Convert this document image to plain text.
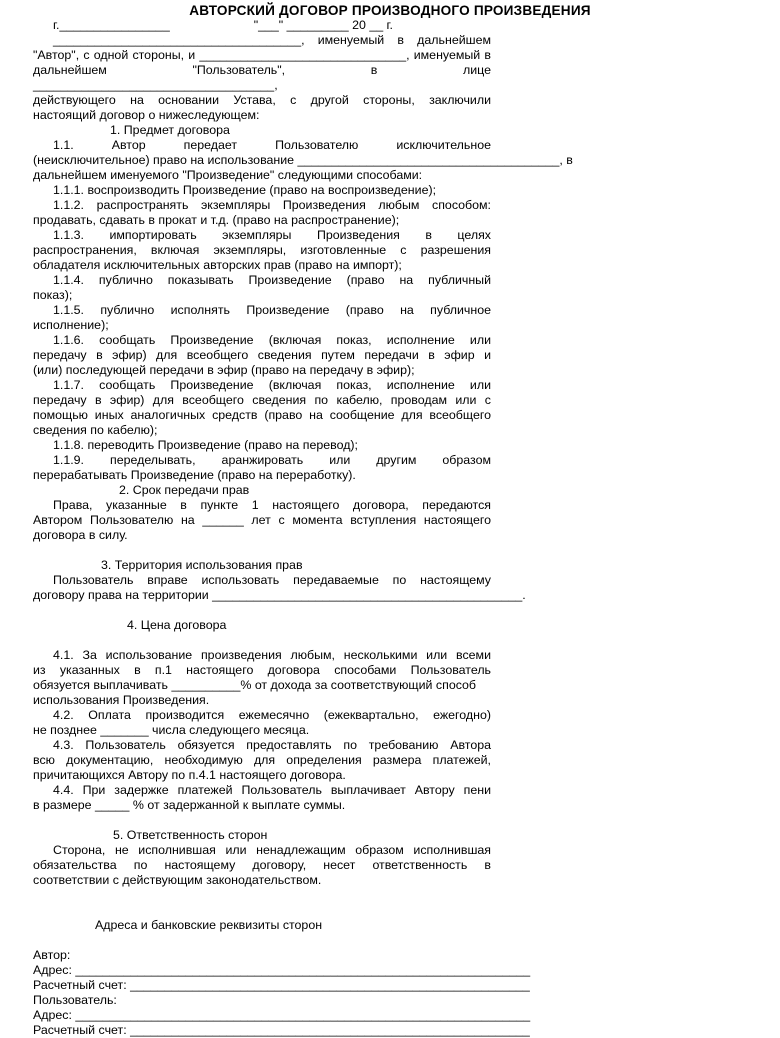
АВТОРСКИЙ ДОГОВОР ПРОИЗВОДНОГО ПРОИЗВЕДЕНИЯ
г.________________	"___" _________ 20 __ г.
____________________________________, именуемый в дальнейшем
"Автор", с одной стороны, и ______________________________, именуемый в
дальнейшем "Пользователь", в лице ___________________________________,
действующего на основании Устава, с другой стороны, заключили
настоящий договор о нижеследующем:
1. Предмет договора
1.1. Автор передает Пользователю исключительное
(неисключительное) право на использование ______________________________________, в
дальнейшем именуемого "Произведение" следующими способами:
1.1.1. воспроизводить Произведение (право на воспроизведение);
1.1.2. распространять экземпляры Произведения любым способом:
продавать, сдавать в прокат и т.д. (право на распространение);
1.1.3. импортировать экземпляры Произведения в целях
распространения, включая экземпляры, изготовленные с разрешения
обладателя исключительных авторских прав (право на импорт);
1.1.4. публично показывать Произведение (право на публичный
показ);
1.1.5. публично исполнять Произведение (право на публичное
исполнение);
1.1.6. сообщать Произведение (включая показ, исполнение или
передачу в эфир) для всеобщего сведения путем передачи в эфир и
(или) последующей передачи в эфир (право на передачу в эфир);
1.1.7. сообщать Произведение (включая показ, исполнение или
передачу в эфир) для всеобщего сведения по кабелю, проводам или с
помощью иных аналогичных средств (право на сообщение для всеобщего
сведения по кабелю);
1.1.8. переводить Произведение (право на перевод);
1.1.9. переделывать, аранжировать или другим образом
перерабатывать Произведение (право на переработку).
2. Срок передачи прав
Права, указанные в пункте 1 настоящего договора, передаются
Автором Пользователю на ______ лет с момента вступления настоящего
договора в силу.
3. Территория использования прав
Пользователь вправе использовать передаваемые по настоящему
договору права на территории _____________________________________________.
4. Цена договора
4.1. За использование произведения любым, несколькими или всеми
из указанных в п.1 настоящего договора способами Пользователь
обязуется выплачивать __________% от дохода за соответствующий способ
использования Произведения.
4.2. Оплата производится ежемесячно (ежеквартально, ежегодно)
не позднее _______ числа следующего месяца.
4.3. Пользователь обязуется предоставлять по требованию Автора
всю документацию, необходимую для определения размера платежей,
причитающихся Автору по п.4.1 настоящего договора.
4.4. При задержке платежей Пользователь выплачивает Автору пени
в размере _____ % от задержанной к выплате суммы.
5. Ответственность сторон
Сторона, не исполнившая или ненадлежащим образом исполнившая
обязательства по настоящему договору, несет ответственность в
соответствии с действующим законодательством.
Адреса и банковские реквизиты сторон
Автор:
Адрес: __________________________________________________________________
Расчетный счет: __________________________________________________________
Пользователь:
Адрес: __________________________________________________________________
Расчетный счет: __________________________________________________________
